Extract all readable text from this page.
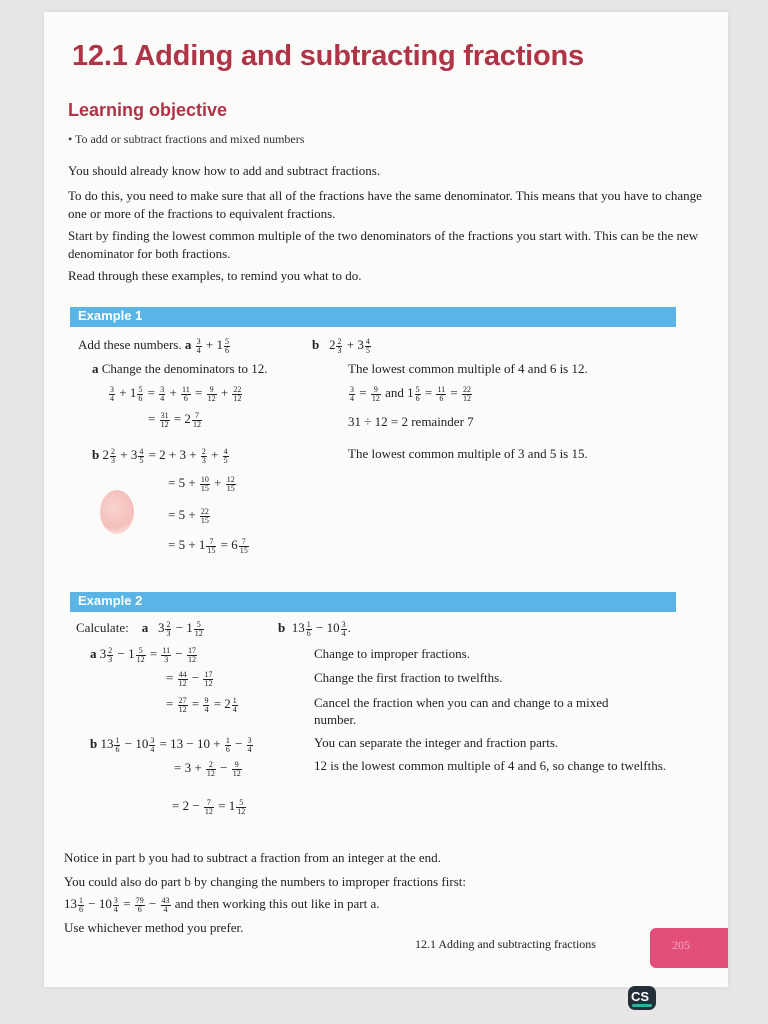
12.1 Adding and subtracting fractions
Learning objective
• To add or subtract fractions and mixed numbers
You should already know how to add and subtract fractions.
To do this, you need to make sure that all of the fractions have the same denominator. This means that you have to change one or more of the fractions to equivalent fractions.
Start by finding the lowest common multiple of the two denominators of the fractions you start with. This can be the new denominator for both fractions.
Read through these examples, to remind you what to do.
Example 1
Add these numbers. a $\frac{3}{4} + 1 \frac{5}{6}$	b   $2 \frac{2}{3} + 3 \frac{4}{5}$
a Change the denominators to 12.	The lowest common multiple of 4 and 6 is 12.
$\frac{3}{4} + 1 \frac{5}{6} = \frac{3}{4} + \frac{11}{6} = \frac{9}{12} + \frac{22}{12}$	$\frac{3}{4} = \frac{9}{12}$ and $1 \frac{5}{6} = \frac{11}{6} = \frac{22}{12}$
= $\frac{31}{12} = 2 \frac{7}{12}$	31 ÷ 12 = 2 remainder 7
b $2 \frac{2}{3} + 3 \frac{4}{5} = 2 + 3 + \frac{2}{3} + \frac{4}{5}$	The lowest common multiple of 3 and 5 is 15.
= $5 + \frac{10}{15} + \frac{12}{15}$
= $5 + \frac{22}{15}$
= $5 + 1 \frac{7}{15} = 6 \frac{7}{15}$
Example 2
Calculate: a   $3 \frac{2}{3} - 1 \frac{5}{12}$	b  $13 \frac{1}{6} - 10 \frac{3}{4}$ .
a $3 \frac{2}{3} - 1 \frac{5}{12} = \frac{11}{3} - \frac{17}{12}$	Change to improper fractions.
= $\frac{44}{12} - \frac{17}{12}$	Change the first fraction to twelfths.
= $\frac{27}{12} = \frac{9}{4} = 2 \frac{1}{4}$	Cancel the fraction when you can and change to a mixed number.
b $13 \frac{1}{6} - 10 \frac{3}{4} = 13 - 10 + \frac{1}{6} - \frac{3}{4}$	You can separate the integer and fraction parts.
= $3 + \frac{2}{12} - \frac{9}{12}$	12 is the lowest common multiple of 4 and 6, so change to twelfths.
= $2 - \frac{7}{12} = 1 \frac{5}{12}$
Notice in part b you had to subtract a fraction from an integer at the end.
You could also do part b by changing the numbers to improper fractions first:
$13 \frac{1}{6} - 10 \frac{3}{4} = \frac{79}{6} - \frac{43}{4}$ and then working this out like in part a.
Use whichever method you prefer.
12.1 Adding and subtracting fractions	205
CS
